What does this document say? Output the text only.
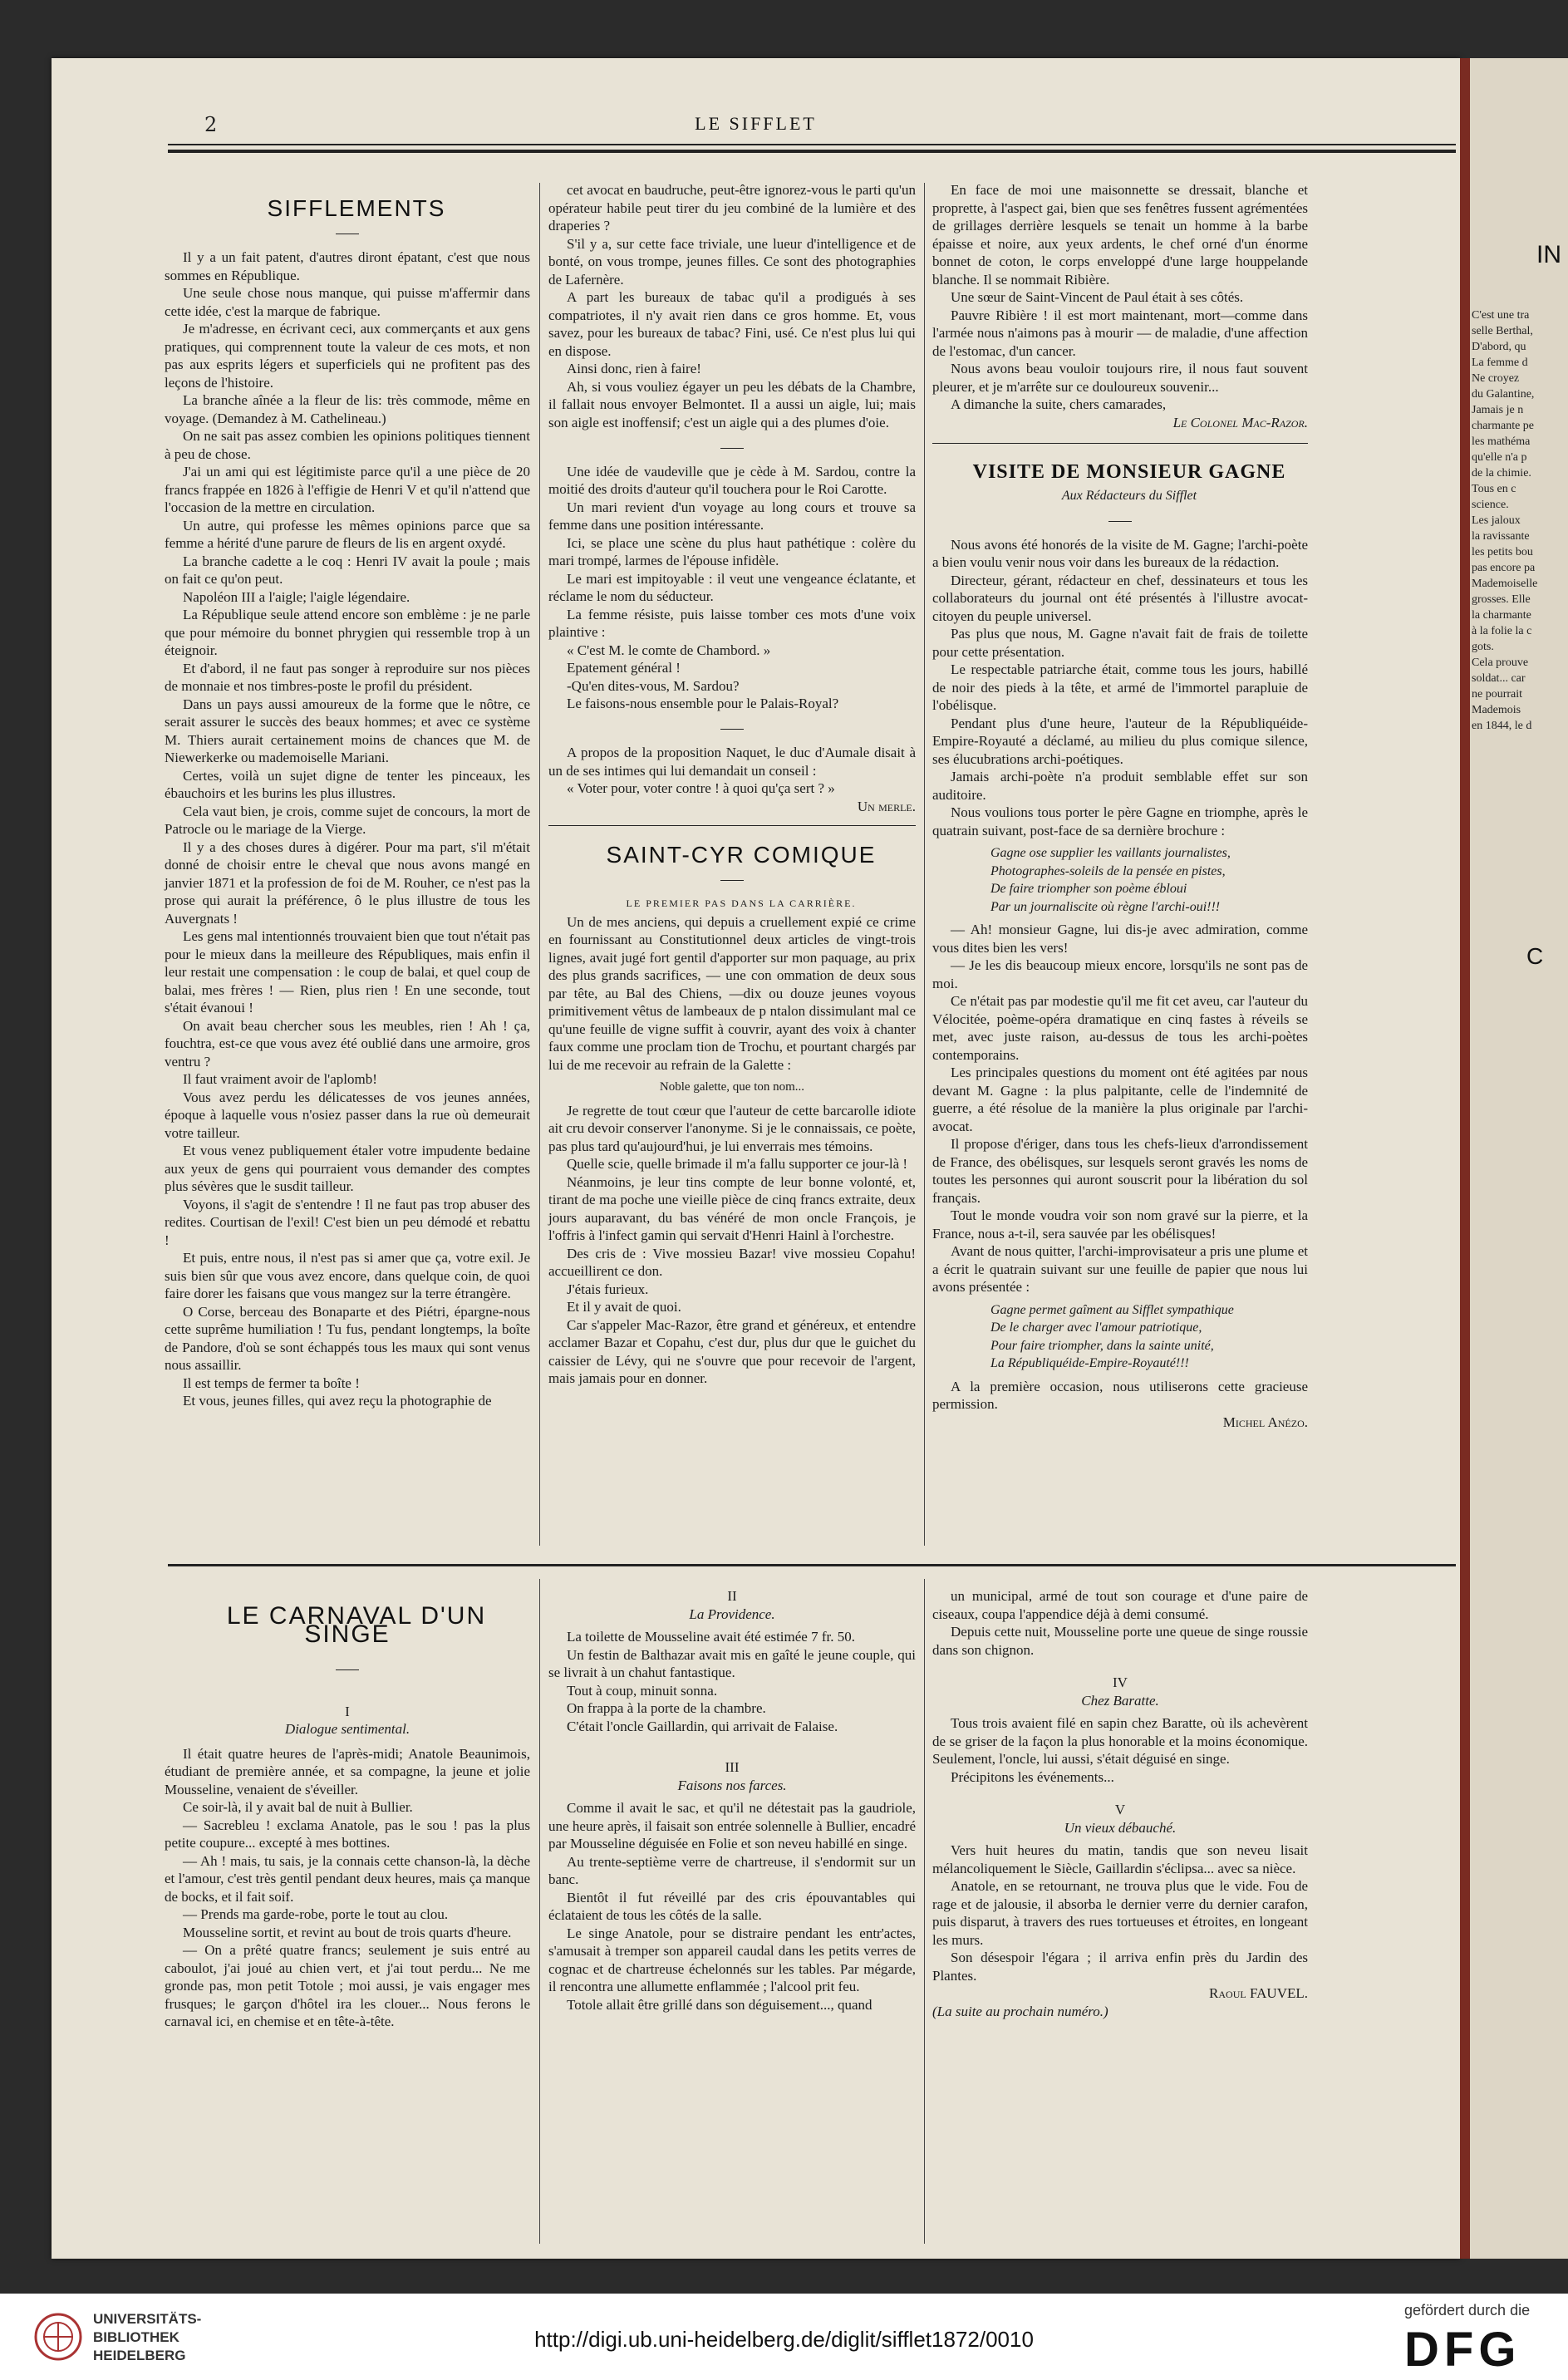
2	LE SIFFLET

SIFFLEMENTS

Il y a un fait patent, d'autres diront épatant, c'est que nous sommes en République.

Une seule chose nous manque, qui puisse m'affermir dans cette idée, c'est la marque de fabrique.

Je m'adresse, en écrivant ceci, aux commerçants et aux gens pratiques, qui comprennent toute la valeur de ces mots, et non pas aux esprits légers et superficiels qui ne profitent pas des leçons de l'histoire.

La branche aînée a la fleur de lis: très commode, même en voyage. (Demandez à M. Cathelineau.)

On ne sait pas assez combien les opinions politiques tiennent à peu de chose.

J'ai un ami qui est légitimiste parce qu'il a une pièce de 20 francs frappée en 1826 à l'effigie de Henri V et qu'il n'attend que l'occasion de la mettre en circulation.

Un autre, qui professe les mêmes opinions parce que sa femme a hérité d'une parure de fleurs de lis en argent oxydé.

La branche cadette a le coq : Henri IV avait la poule ; mais on fait ce qu'on peut.

Napoléon III a l'aigle; l'aigle légendaire.

La République seule attend encore son emblème : je ne parle que pour mémoire du bonnet phrygien qui ressemble trop à un éteignoir.

Et d'abord, il ne faut pas songer à reproduire sur nos pièces de monnaie et nos timbres-poste le profil du président.

Dans un pays aussi amoureux de la forme que le nôtre, ce serait assurer le succès des beaux hommes; et avec ce système M. Thiers aurait certainement moins de chances que M. de Niewerkerke ou mademoiselle Mariani.

Certes, voilà un sujet digne de tenter les pinceaux, les ébauchoirs et les burins les plus illustres.

Cela vaut bien, je crois, comme sujet de concours, la mort de Patrocle ou le mariage de la Vierge.

Il y a des choses dures à digérer. Pour ma part, s'il m'était donné de choisir entre le cheval que nous avons mangé en janvier 1871 et la profession de foi de M. Rouher, ce n'est pas la prose qui aurait la préférence, ô le plus illustre de tous les Auvergnats !

Les gens mal intentionnés trouvaient bien que tout n'était pas pour le mieux dans la meilleure des Républiques, mais enfin il leur restait une compensation : le coup de balai, et quel coup de balai, mes frères ! — Rien, plus rien ! En une seconde, tout s'était évanoui !

On avait beau chercher sous les meubles, rien ! Ah ! ça, fouchtra, est-ce que vous avez été oublié dans une armoire, gros ventru ?

Il faut vraiment avoir de l'aplomb!

Vous avez perdu les délicatesses de vos jeunes années, époque à laquelle vous n'osiez passer dans la rue où demeurait votre tailleur.

Et vous venez publiquement étaler votre impudente bedaine aux yeux de gens qui pourraient vous demander des comptes plus sévères que le susdit tailleur.

Voyons, il s'agit de s'entendre ! Il ne faut pas trop abuser des redites. Courtisan de l'exil! C'est bien un peu démodé et rebattu !

Et puis, entre nous, il n'est pas si amer que ça, votre exil. Je suis bien sûr que vous avez encore, dans quelque coin, de quoi faire dorer les faisans que vous mangez sur la terre étrangère.

O Corse, berceau des Bonaparte et des Piétri, épargne-nous cette suprême humiliation ! Tu fus, pendant longtemps, la boîte de Pandore, d'où se sont échappés tous les maux qui sont venus nous assaillir.

Il est temps de fermer ta boîte !

Et vous, jeunes filles, qui avez reçu la photographie de

cet avocat en baudruche, peut-être ignorez-vous le parti qu'un opérateur habile peut tirer du jeu combiné de la lumière et des draperies ?

S'il y a, sur cette face triviale, une lueur d'intelligence et de bonté, on vous trompe, jeunes filles. Ce sont des photographies de Lafernère.

A part les bureaux de tabac qu'il a prodigués à ses compatriotes, il n'y avait rien dans ce gros homme. Et, vous savez, pour les bureaux de tabac? Fini, usé. Ce n'est plus lui qui en dispose.

Ainsi donc, rien à faire!

Ah, si vous vouliez égayer un peu les débats de la Chambre, il fallait nous envoyer Belmontet. Il a aussi un aigle, lui; mais son aigle est inoffensif; c'est un aigle qui a des plumes d'oie.

Une idée de vaudeville que je cède à M. Sardou, contre la moitié des droits d'auteur qu'il touchera pour le Roi Carotte.

Un mari revient d'un voyage au long cours et trouve sa femme dans une position intéressante.

Ici, se place une scène du plus haut pathétique : colère du mari trompé, larmes de l'épouse infidèle.

Le mari est impitoyable : il veut une vengeance éclatante, et réclame le nom du séducteur.

La femme résiste, puis laisse tomber ces mots d'une voix plaintive :

« C'est M. le comte de Chambord. »

Epatement général !

-Qu'en dites-vous, M. Sardou?

Le faisons-nous ensemble pour le Palais-Royal?

A propos de la proposition Naquet, le duc d'Aumale disait à un de ses intimes qui lui demandait un conseil :

« Voter pour, voter contre ! à quoi qu'ça sert ? »

Un merle.

SAINT-CYR COMIQUE

LE PREMIER PAS DANS LA CARRIÈRE.

Un de mes anciens, qui depuis a cruellement expié ce crime en fournissant au Constitutionnel deux articles de vingt-trois lignes, avait jugé fort gentil d'apporter sur mon paquage, au prix des plus grands sacrifices, — une con ommation de deux sous par tête, au Bal des Chiens, —dix ou douze jeunes voyous primitivement vêtus de lambeaux de p ntalon dissimulant mal ce qu'une feuille de vigne suffit à couvrir, ayant des voix à chanter faux comme une proclam tion de Trochu, et pourtant chargés par lui de me recevoir au refrain de la Galette :

Noble galette, que ton nom...

Je regrette de tout cœur que l'auteur de cette barcarolle idiote ait cru devoir conserver l'anonyme. Si je le connaissais, ce poète, pas plus tard qu'aujourd'hui, je lui enverrais mes témoins.

Quelle scie, quelle brimade il m'a fallu supporter ce jour-là !

Néanmoins, je leur tins compte de leur bonne volonté, et, tirant de ma poche une vieille pièce de cinq francs extraite, deux jours auparavant, du bas vénéré de mon oncle François, je l'offris à l'infect gamin qui servait d'Henri Hainl à l'orchestre.

Des cris de : Vive mossieu Bazar! vive mossieu Copahu! accueillirent ce don.

J'étais furieux.

Et il y avait de quoi.

Car s'appeler Mac-Razor, être grand et généreux, et entendre acclamer Bazar et Copahu, c'est dur, plus dur que le guichet du caissier de Lévy, qui ne s'ouvre que pour recevoir de l'argent, mais jamais pour en donner.

En face de moi une maisonnette se dressait, blanche et proprette, à l'aspect gai, bien que ses fenêtres fussent agrémentées de grillages derrière lesquels se tenait un homme à la barbe épaisse et noire, aux yeux ardents, le chef orné d'un énorme bonnet de coton, le corps enveloppé d'une large houppelande blanche. Il se nommait Ribière.

Une sœur de Saint-Vincent de Paul était à ses côtés.

Pauvre Ribière ! il est mort maintenant, mort—comme dans l'armée nous n'aimons pas à mourir — de maladie, d'une affection de l'estomac, d'un cancer.

Nous avons beau vouloir toujours rire, il nous faut souvent pleurer, et je m'arrête sur ce douloureux souvenir...

A dimanche la suite, chers camarades,

Le Colonel Mac-Razor.

VISITE DE MONSIEUR GAGNE

Aux Rédacteurs du Sifflet

Nous avons été honorés de la visite de M. Gagne; l'archi-poète a bien voulu venir nous voir dans les bureaux de la rédaction.

Directeur, gérant, rédacteur en chef, dessinateurs et tous les collaborateurs du journal ont été présentés à l'illustre avocat-citoyen du peuple universel.

Pas plus que nous, M. Gagne n'avait fait de frais de toilette pour cette présentation.

Le respectable patriarche était, comme tous les jours, habillé de noir des pieds à la tête, et armé de l'immortel parapluie de l'obélisque.

Pendant plus d'une heure, l'auteur de la Républiquéide-Empire-Royauté a déclamé, au milieu du plus comique silence, ses élucubrations archi-poétiques.

Jamais archi-poète n'a produit semblable effet sur son auditoire.

Nous voulions tous porter le père Gagne en triomphe, après le quatrain suivant, post-face de sa dernière brochure :

Gagne ose supplier les vaillants journalistes,

Photographes-soleils de la pensée en pistes,

De faire triompher son poème ébloui

Par un journaliscite où règne l'archi-oui!!!

— Ah! monsieur Gagne, lui dis-je avec admiration, comme vous dites bien les vers!

— Je les dis beaucoup mieux encore, lorsqu'ils ne sont pas de moi.

Ce n'était pas par modestie qu'il me fit cet aveu, car l'auteur du Vélocitée, poème-opéra dramatique en cinq fastes à réveils se met, avec juste raison, au-dessus de tous les archi-poètes contemporains.

Les principales questions du moment ont été agitées par nous devant M. Gagne : la plus palpitante, celle de l'indemnité de guerre, a été résolue de la manière la plus originale par l'archi-avocat.

Il propose d'ériger, dans tous les chefs-lieux d'arrondissement de France, des obélisques, sur lesquels seront gravés les noms de toutes les personnes qui auront souscrit pour la libération du sol français.

Tout le monde voudra voir son nom gravé sur la pierre, et la France, nous a-t-il, sera sauvée par les obélisques!

Avant de nous quitter, l'archi-improvisateur a pris une plume et a écrit le quatrain suivant sur une feuille de papier que nous lui avons présentée :

Gagne permet gaîment au Sifflet sympathique

De le charger avec l'amour patriotique,

Pour faire triompher, dans la sainte unité,

La Républiquéide-Empire-Royauté!!!

A la première occasion, nous utiliserons cette gracieuse permission.

Michel Anézo.

LE CARNAVAL D'UN SINGE

I

Dialogue sentimental.

Il était quatre heures de l'après-midi; Anatole Beaunimois, étudiant de première année, et sa compagne, la jeune et jolie Mousseline, venaient de s'éveiller.

Ce soir-là, il y avait bal de nuit à Bullier.

— Sacrebleu ! exclama Anatole, pas le sou ! pas la plus petite coupure... excepté à mes bottines.

— Ah ! mais, tu sais, je la connais cette chanson-là, la dèche et l'amour, c'est très gentil pendant deux heures, mais ça manque de bocks, et il fait soif.

— Prends ma garde-robe, porte le tout au clou.

Mousseline sortit, et revint au bout de trois quarts d'heure.

— On a prêté quatre francs; seulement je suis entré au caboulot, j'ai joué au chien vert, et j'ai tout perdu... Ne me gronde pas, mon petit Totole ; moi aussi, je vais engager mes frusques; le garçon d'hôtel ira les clouer... Nous ferons le carnaval ici, en chemise et en tête-à-tête.

II

La Providence.

La toilette de Mousseline avait été estimée 7 fr. 50.

Un festin de Balthazar avait mis en gaîté le jeune couple, qui se livrait à un chahut fantastique.

Tout à coup, minuit sonna.

On frappa à la porte de la chambre.

C'était l'oncle Gaillardin, qui arrivait de Falaise.

III

Faisons nos farces.

Comme il avait le sac, et qu'il ne détestait pas la gaudriole, une heure après, il faisait son entrée solennelle à Bullier, encadré par Mousseline déguisée en Folie et son neveu habillé en singe.

Au trente-septième verre de chartreuse, il s'endormit sur un banc.

Bientôt il fut réveillé par des cris épouvantables qui éclataient de tous les côtés de la salle.

Le singe Anatole, pour se distraire pendant les entr'actes, s'amusait à tremper son appareil caudal dans les petits verres de cognac et de chartreuse échelonnés sur les tables. Par mégarde, il rencontra une allumette enflammée ; l'alcool prit feu.

Totole allait être grillé dans son déguisement..., quand

un municipal, armé de tout son courage et d'une paire de ciseaux, coupa l'appendice déjà à demi consumé.

Depuis cette nuit, Mousseline porte une queue de singe roussie dans son chignon.

IV

Chez Baratte.

Tous trois avaient filé en sapin chez Baratte, où ils achevèrent de se griser de la façon la plus honorable et la moins économique. Seulement, l'oncle, lui aussi, s'était déguisé en singe.

Précipitons les événements...

V

Un vieux débauché.

Vers huit heures du matin, tandis que son neveu lisait mélancoliquement le Siècle, Gaillardin s'éclipsa... avec sa nièce.

Anatole, en se retournant, ne trouva plus que le vide. Fou de rage et de jalousie, il absorba le dernier verre du dernier carafon, puis disparut, à travers des rues tortueuses et étroites, en longeant les murs.

Son désespoir l'égara ; il arriva enfin près du Jardin des Plantes.

Raoul FAUVEL.

(La suite au prochain numéro.)

IN
C'est une tra
selle Berthal,
D'abord, qu
La femme d
Ne croyez
du Galantine,
Jamais je n
charmante pe
les mathéma
qu'elle n'a p
de la chimie.
Tous en c
science.
Les jaloux
la ravissante
les petits bou
pas encore pa
Mademoiselle
grosses. Elle
la charmante
à la folie la c
gots.
Cela prouve
soldat... car
ne pourrait
Mademois
en 1844, le d
C
UNIVERSITÄTS-
BIBLIOTHEK
HEIDELBERG
http://digi.ub.uni-heidelberg.de/diglit/sifflet1872/0010
gefördert durch die
DFG
